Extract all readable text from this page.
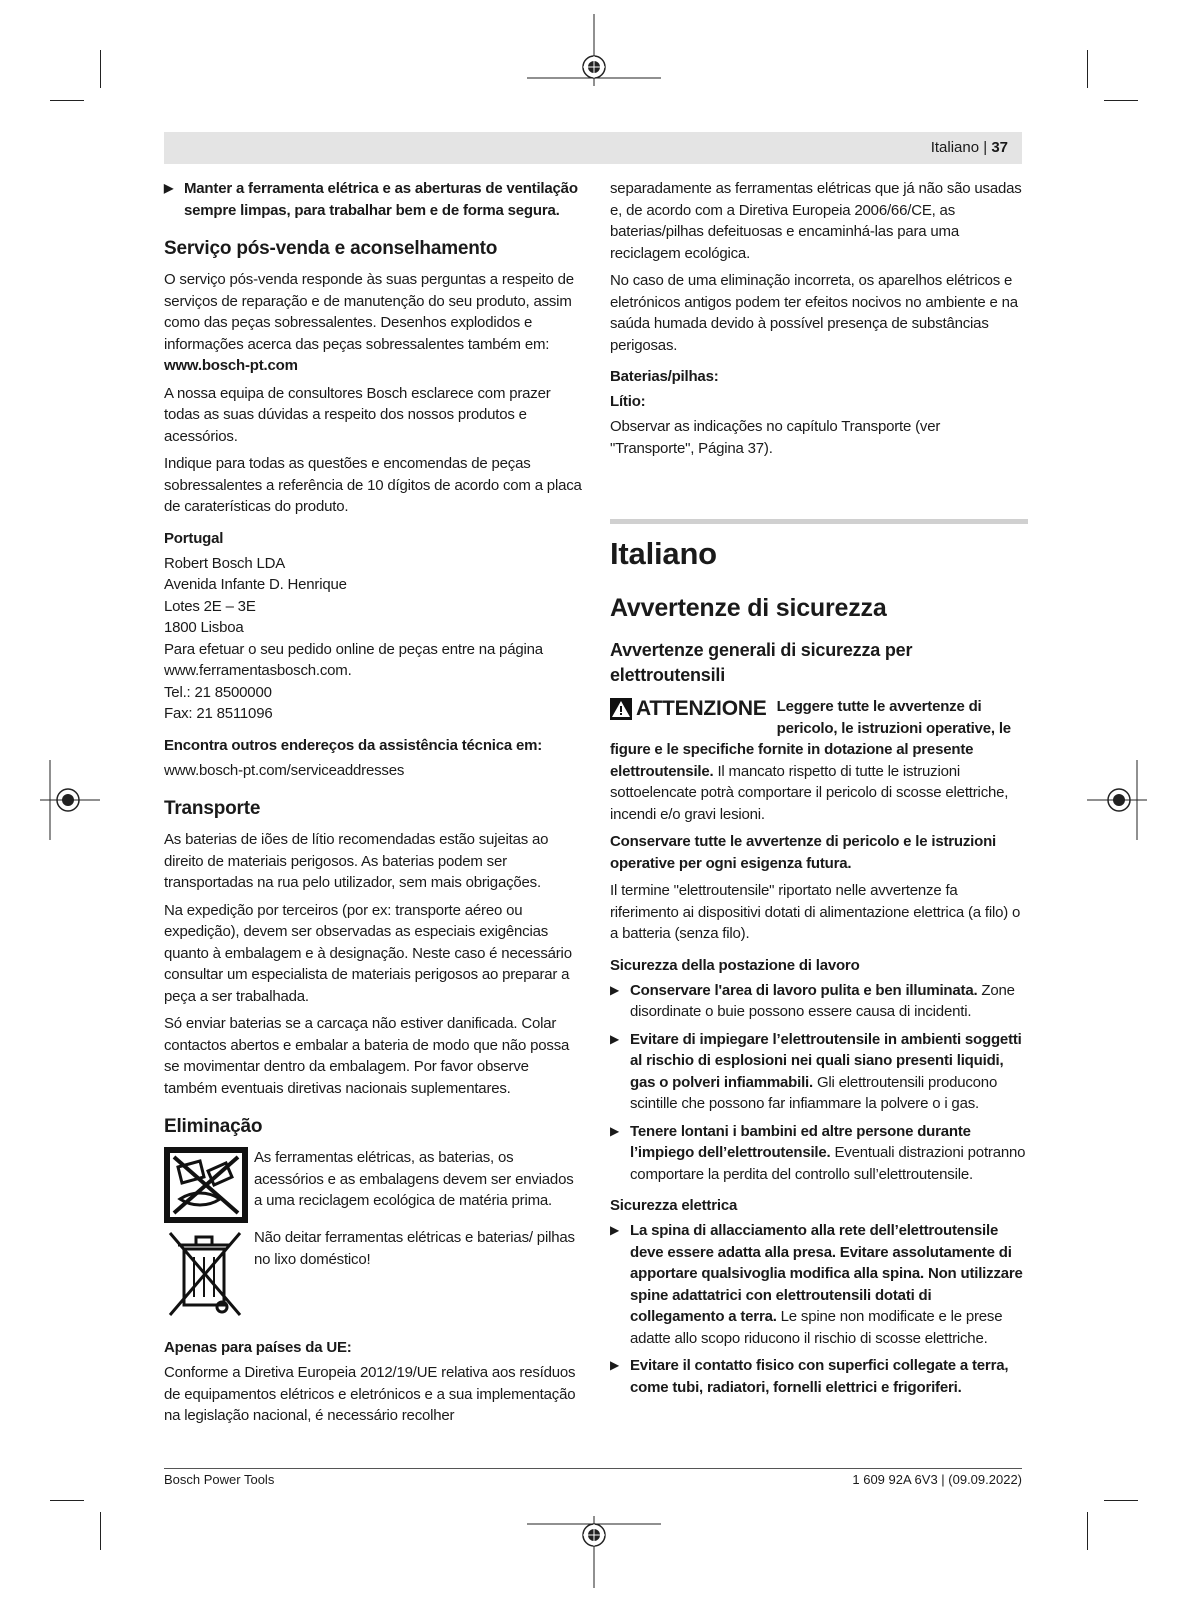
Italiano | 37
▶ Manter a ferramenta elétrica e as aberturas de ventilação sempre limpas, para trabalhar bem e de forma segura.
Serviço pós-venda e aconselhamento

O serviço pós-venda responde às suas perguntas a respeito de serviços de reparação e de manutenção do seu produto, assim como das peças sobressalentes. Desenhos explodidos e informações acerca das peças sobressalentes também em:
www.bosch-pt.com

A nossa equipa de consultores Bosch esclarece com prazer todas as suas dúvidas a respeito dos nossos produtos e acessórios.

Indique para todas as questões e encomendas de peças sobressalentes a referência de 10 dígitos de acordo com a placa de caraterísticas do produto.

Portugal
Robert Bosch LDA
Avenida Infante D. Henrique
Lotes 2E – 3E
1800 Lisboa
Para efetuar o seu pedido online de peças entre na página www.ferramentasbosch.com.
Tel.: 21 8500000
Fax: 21 8511096
Encontra outros endereços da assistência técnica em:

www.bosch-pt.com/serviceaddresses

Transporte

As baterias de iões de lítio recomendadas estão sujeitas ao direito de materiais perigosos. As baterias podem ser transportadas na rua pelo utilizador, sem mais obrigações.

Na expedição por terceiros (por ex: transporte aéreo ou expedição), devem ser observadas as especiais exigências quanto à embalagem e à designação. Neste caso é necessário consultar um especialista de materiais perigosos ao preparar a peça a ser trabalhada.

Só enviar baterias se a carcaça não estiver danificada. Colar contactos abertos e embalar a bateria de modo que não possa se movimentar dentro da embalagem. Por favor observe também eventuais diretivas nacionais suplementares.

Eliminação
As ferramentas elétricas, as baterias, os acessórios e as embalagens devem ser enviados a uma reciclagem ecológica de matéria prima.
Não deitar ferramentas elétricas e baterias/ pilhas no lixo doméstico!
Apenas para países da UE:

Conforme a Diretiva Europeia 2012/19/UE relativa aos resíduos de equipamentos elétricos e eletrónicos e a sua implementação na legislação nacional, é necessário recolher

separadamente as ferramentas elétricas que já não são usadas e, de acordo com a Diretiva Europeia 2006/66/CE, as baterias/pilhas defeituosas e encaminhá-las para uma reciclagem ecológica.

No caso de uma eliminação incorreta, os aparelhos elétricos e eletrónicos antigos podem ter efeitos nocivos no ambiente e na saúda humada devido à possível presença de substâncias perigosas.

Baterias/pilhas:
Lítio:

Observar as indicações no capítulo Transporte (ver "Transporte", Página 37).

Italiano
Avvertenze di sicurezza
Avvertenze generali di sicurezza per elettroutensili
ATTENZIONE Leggere tutte le avvertenze di pericolo, le istruzioni operative, le figure e le specifiche fornite in dotazione al presente elettroutensile. Il mancato rispetto di tutte le istruzioni sottoelencate potrà comportare il pericolo di scosse elettriche, incendi e/o gravi lesioni.

Conservare tutte le avvertenze di pericolo e le istruzioni operative per ogni esigenza futura.

Il termine "elettroutensile" riportato nelle avvertenze fa riferimento ai dispositivi dotati di alimentazione elettrica (a filo) o a batteria (senza filo).

Sicurezza della postazione di lavoro
▶ Conservare l'area di lavoro pulita e ben illuminata. Zone disordinate o buie possono essere causa di incidenti.
▶ Evitare di impiegare l’elettroutensile in ambienti soggetti al rischio di esplosioni nei quali siano presenti liquidi, gas o polveri infiammabili. Gli elettroutensili producono scintille che possono far infiammare la polvere o i gas.
▶ Tenere lontani i bambini ed altre persone durante l’impiego dell’elettroutensile. Eventuali distrazioni potranno comportare la perdita del controllo sull’elettroutensile.
Sicurezza elettrica
▶ La spina di allacciamento alla rete dell’elettroutensile deve essere adatta alla presa. Evitare assolutamente di apportare qualsivoglia modifica alla spina. Non utilizzare spine adattatrici con elettroutensili dotati di collegamento a terra. Le spine non modificate e le prese adatte allo scopo riducono il rischio di scosse elettriche.
▶ Evitare il contatto fisico con superfici collegate a terra, come tubi, radiatori, fornelli elettrici e frigoriferi.
Bosch Power Tools	1 609 92A 6V3 | (09.09.2022)
